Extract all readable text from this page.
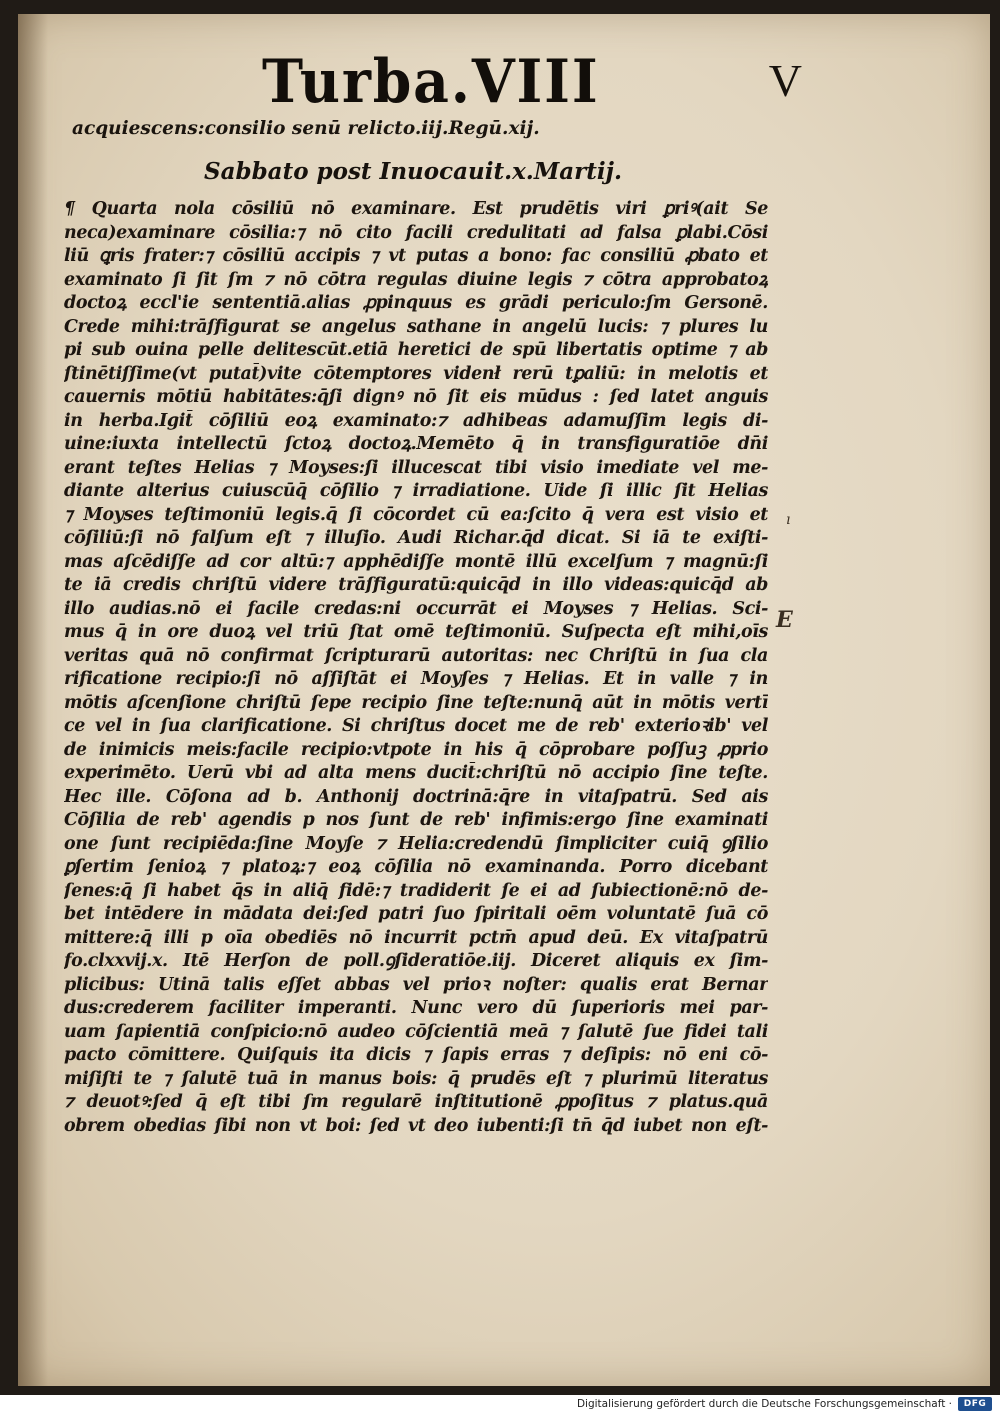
Turba.VIII	V
acquiescens:consilio senū relicto.iij.Regū.xij.
Sabbato post Inuocauit.x.Martij.
¶ Quarta nola cōsiliū nō examinare. Est prudētis viri ꝑriꝰ(ait Se
neca)examinare cōsilia:⁊ nō cito facili credulitati ad falsa ꝑlabi.Cōsi
liū ꝗris frater:⁊ cōsiliū accipis ⁊ vt putas a bono: fac consiliū ꝓbato et
examinato ſi ſit ſm ⁊ nō cōtra regulas diuine legis ⁊ cōtra approbatoꝝ
doctoꝝ eccl'ie sententiā.alias ꝓpinquus es grādi periculo:ſm Gersonē.
Crede mihi:trāſfigurat se angelus sathane in angelū lucis: ⁊ plures lu
pi sub ouina pelle delitescūt.etiā heretici de spū libertatis optime ⁊ ab
ſtinētiſſime(vt putat̄)vite cōtemptores videnł rerū tꝑaliū: in melotis et
cauernis mōtiū habitātes:q̄ſi dignꝰ nō ſit eis mūdus : ſed latet anguis
in herba.Igit̄ cōſiliū eoꝝ examinato:⁊ adhibeas adamuſſim legis di-
uine:iuxta intellectū ſctoꝝ doctoꝝ.Memēto q̄ in transfiguratiōe dn̄i
erant teſtes Helias ⁊ Moyses:ſi illucescat tibi visio imediate vel me-
diante alterius cuiuscūq̄ cōſilio ⁊ irradiatione. Uide ſi illic ſit Helias
⁊ Moyses teſtimoniū legis.q̄ ſi cōcordet cū ea:ſcito q̄ vera est visio et
cōſiliū:ſi nō falſum eſt ⁊ illuſio. Audi Richar.q̄d dicat. Si iā te exiſti-
mas aſcēdiſſe ad cor altū:⁊ apphēdiſſe montē illū excelſum ⁊ magnū:ſi
te iā credis chriſtū videre trāſfiguratū:quicq̄d in illo videas:quicq̄d ab
illo audias.nō ei facile credas:ni occurrāt ei Moyses ⁊ Helias. Sci-
mus q̄ in ore duoꝝ vel triū ſtat omē teſtimoniū. Suſpecta eſt mihi,oīs
veritas quā nō confirmat ſcripturarū autoritas: nec Chriſtū in ſua cla
rificatione recipio:ſi nō aſſiſtāt ei Moyſes ⁊ Helias. Et in valle ⁊ in
mōtis aſcenſione chriſtū ſepe recipio ſine teſte:nunq̄ aūt in mōtis vertī
ce vel in ſua clarificatione. Si chriſtus docet me de reb' exterioꝛib' vel
de inimicis meis:facile recipio:vtpote in his q̄ cōprobare poſſuꝫ ꝓprio
experimēto. Uerū vbi ad alta mens ducit̄:chriſtū nō accipio ſine teſte.
Hec ille. Cōſona ad b. Anthonij doctrinā:q̄re in vitaſpatrū. Sed ais
Cōſilia de reb' agendis p nos ſunt de reb' infimis:ergo ſine examinati
one ſunt recipiēda:ſine Moyſe ⁊ Helia:credendū ſimpliciter cuiq̄ ꝯſilio
ꝑſertim ſenioꝝ ⁊ platoꝝ:⁊ eoꝝ cōſilia nō examinanda. Porro dicebant
ſenes:q̄ ſi habet q̄s in aliq̄ fidē:⁊ tradiderit ſe ei ad ſubiectionē:nō de-
bet intēdere in mādata dei:ſed patri ſuo ſpiritali oēm voluntatē ſuā cō
mittere:q̄ illi p oīa obediēs nō incurrit pctm̄ apud deū. Ex vitaſpatrū
fo.clxxvij.x. Itē Herſon de poll.ꝯſideratiōe.iij. Diceret aliquis ex ſim-
plicibus: Utinā talis eſſet abbas vel prioꝛ noſter: qualis erat Bernar
dus:crederem faciliter imperanti. Nunc vero dū ſuperioris mei par-
uam ſapientiā conſpicio:nō audeo cōſcientiā meā ⁊ ſalutē ſue fidei tali
pacto cōmittere. Quiſquis ita dicis ⁊ ſapis erras ⁊ deſipis: nō eni cō-
miſiſti te ⁊ ſalutē tuā in manus bois: q̄ prudēs eſt ⁊ plurimū literatus
⁊ deuotꝰ:ſed q̄ eſt tibi ſm regularē inſtitutionē ꝓpoſitus ⁊ platus.quā
obrem obedias ſibi non vt boi: ſed vt deo iubenti:ſi tn̄ q̄d iubet non eſt-
ı
E
Digitalisierung gefördert durch die Deutsche Forschungsgemeinschaft ·	DFG
